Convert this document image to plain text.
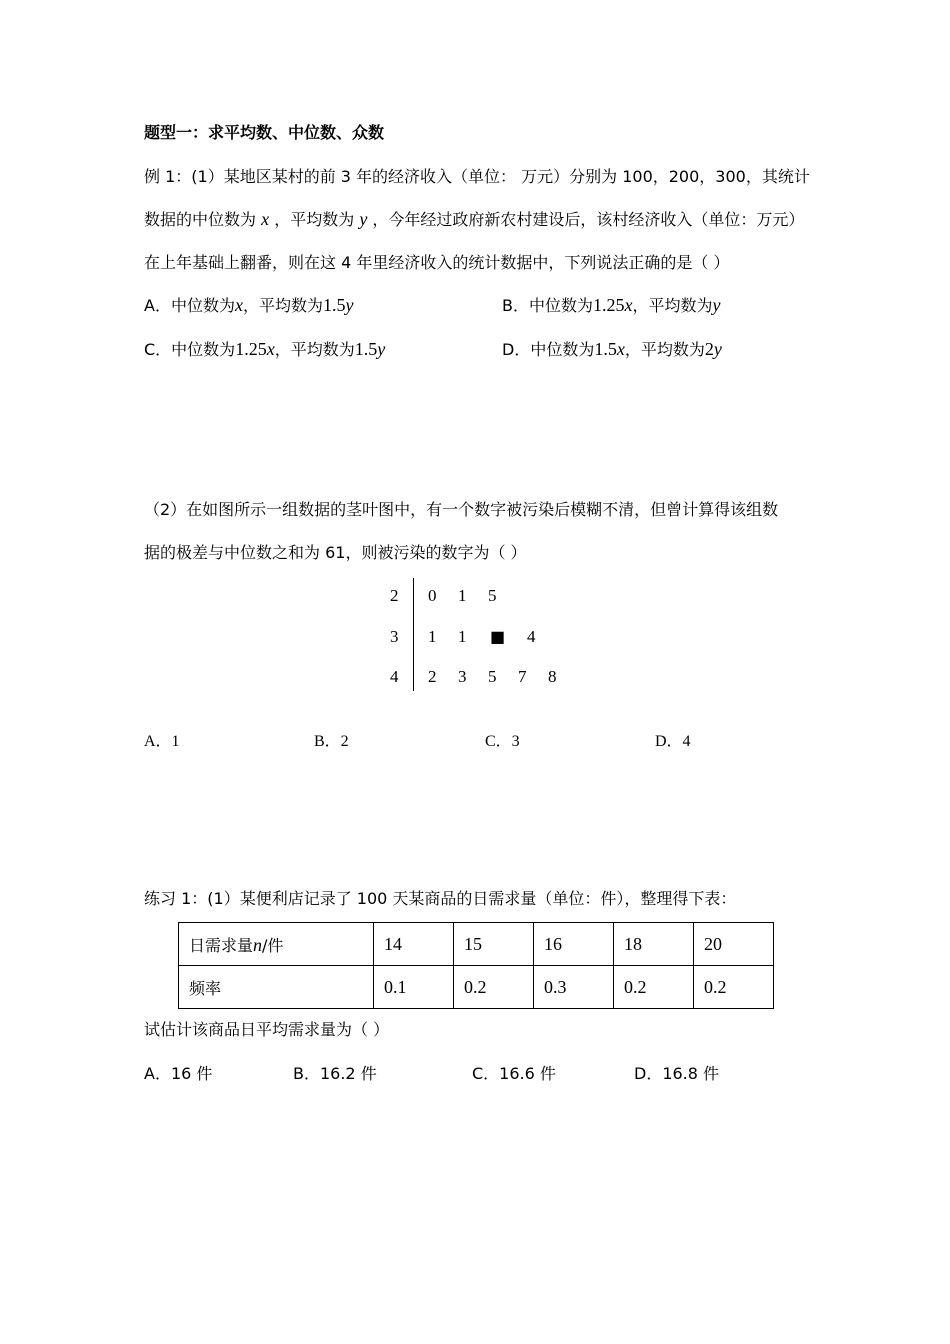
题型一：求平均数、中位数、众数
例 1：(1）某地区某村的前 3 年的经济收入（单位： 万元）分别为 100，200，300，其统计
数据的中位数为 x ，平均数为 y ，今年经过政府新农村建设后，该村经济收入（单位：万元）
在上年基础上翻番，则在这 4 年里经济收入的统计数据中，下列说法正确的是（ ）
A．中位数为x，平均数为1.5y	B．中位数为1.25x，平均数为y
C．中位数为1.25x，平均数为1.5y	D．中位数为1.5x，平均数为2y
（2）在如图所示一组数据的茎叶图中，有一个数字被污染后模糊不清，但曾计算得该组数
据的极差与中位数之和为 61，则被污染的数字为（ ）
2 0 1 5
3 1 1 ■ 4
4 2 3 5 7 8
A．1	B．2	C．3	D．4
练习 1：(1）某便利店记录了 100 天某商品的日需求量（单位：件），整理得下表：
日需求量n/件	14	15	16	18	20
频率	0.1	0.2	0.3	0.2	0.2
试估计该商品日平均需求量为（ ）
A．16 件	B．16.2 件	C．16.6 件	D．16.8 件
